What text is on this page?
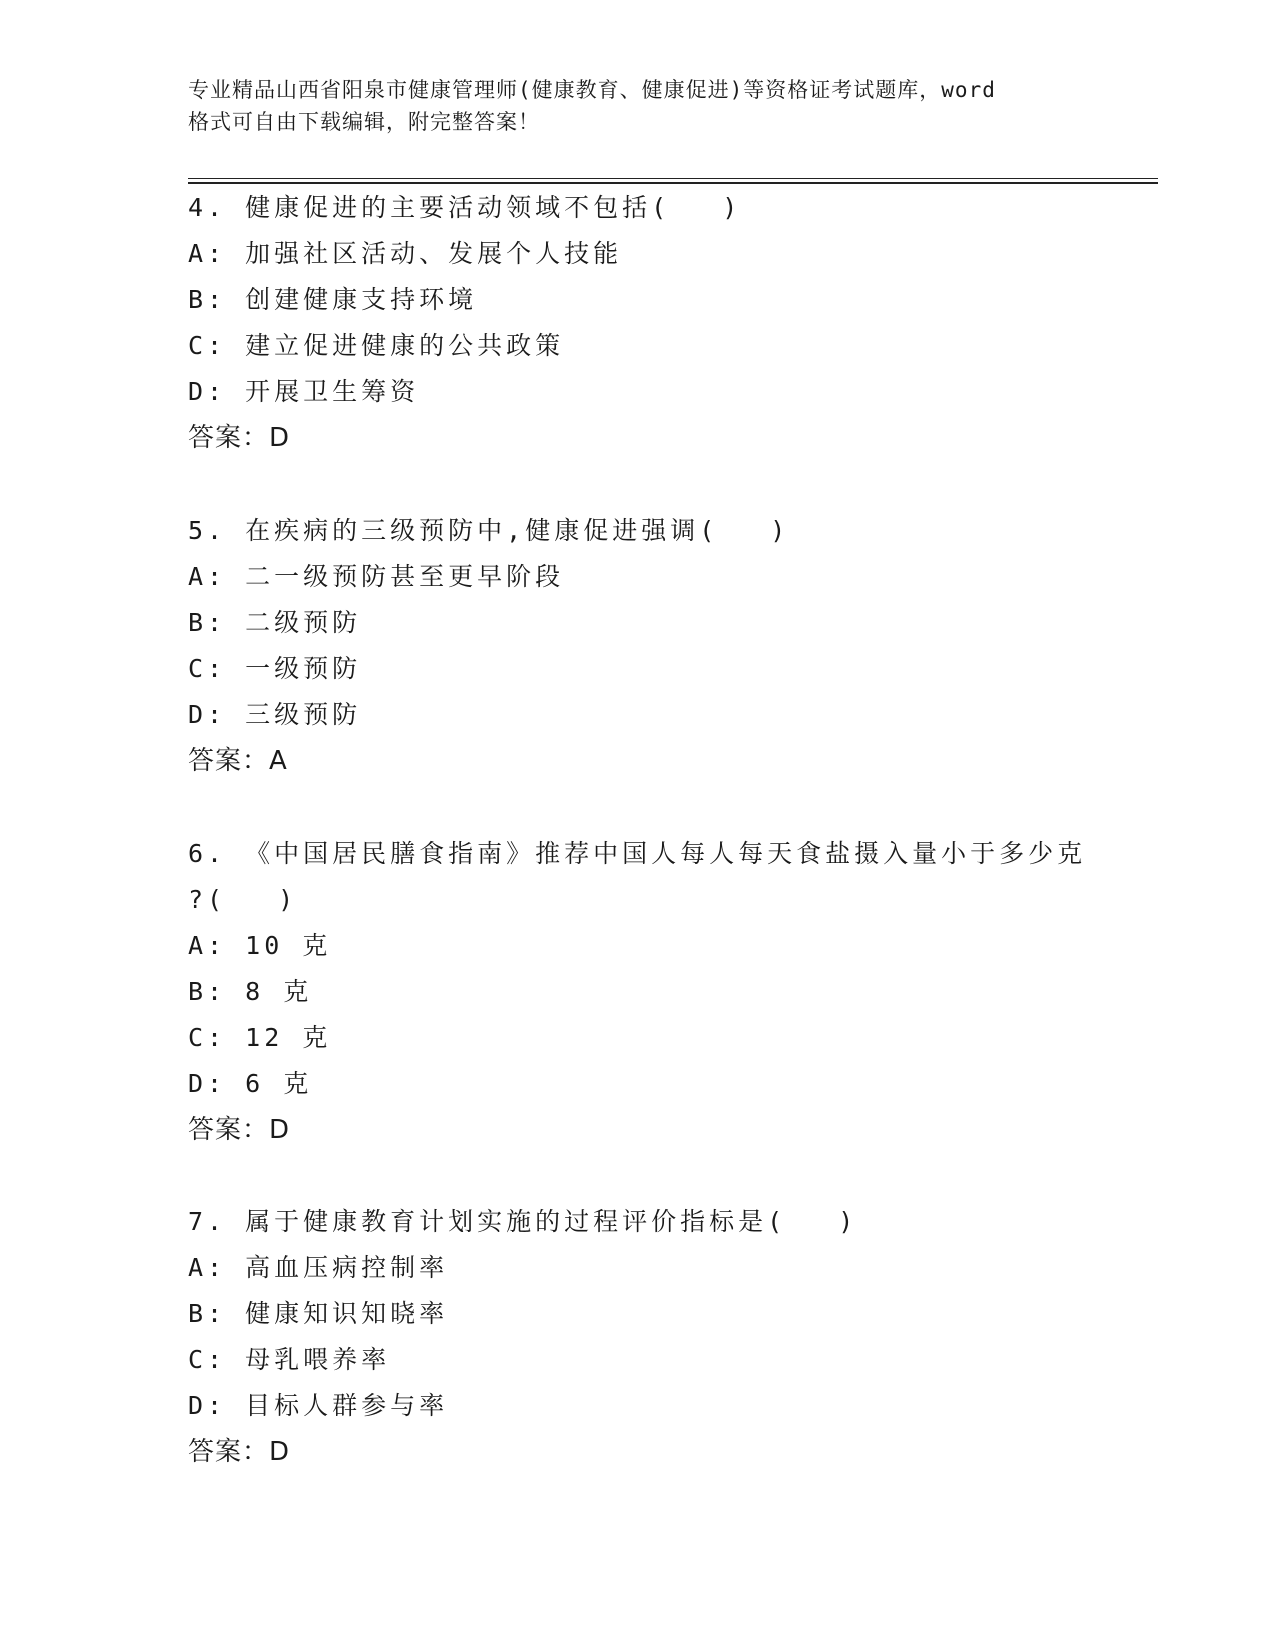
专业精品山西省阳泉市健康管理师(健康教育、健康促进)等资格证考试题库，word
格式可自由下载编辑，附完整答案！
4. 健康促进的主要活动领域不包括( )
A: 加强社区活动、发展个人技能
B: 创建健康支持环境
C: 建立促进健康的公共政策
D: 开展卫生筹资
答案：D
5. 在疾病的三级预防中,健康促进强调( )
A: 二一级预防甚至更早阶段
B: 二级预防
C: 一级预防
D: 三级预防
答案：A
6. 《中国居民膳食指南》推荐中国人每人每天食盐摄入量小于多少克
?( )
A: 10 克
B: 8 克
C: 12 克
D: 6 克
答案：D
7. 属于健康教育计划实施的过程评价指标是( )
A: 高血压病控制率
B: 健康知识知晓率
C: 母乳喂养率
D: 目标人群参与率
答案：D
